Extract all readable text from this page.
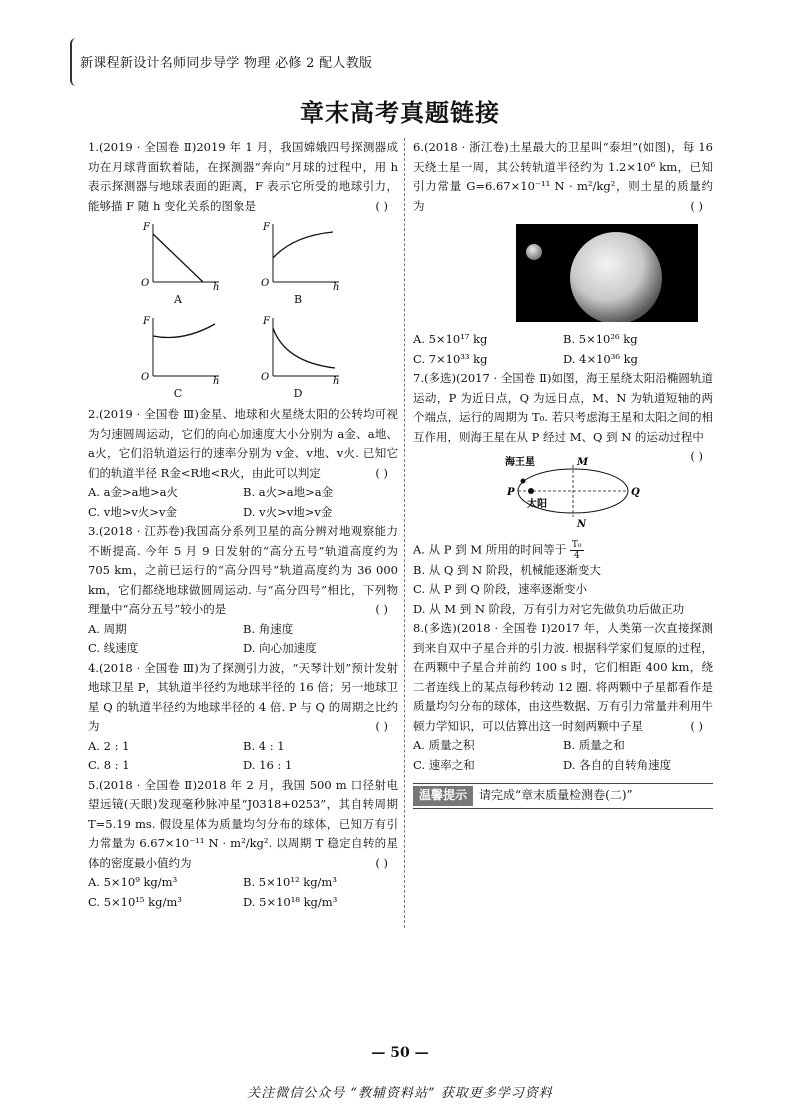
新课程新设计名师同步导学 物理 必修 2 配人教版
章末高考真题链接
1.(2019 · 全国卷 Ⅱ)2019 年 1 月，我国嫦娥四号探测器成功在月球背面软着陆，在探测器“奔向”月球的过程中，用 h 表示探测器与地球表面的距离，F 表示它所受的地球引力，能够描 F 随 h 变化关系的图象是	( )
F
O	h
A
F
O	h
B
F
O	h
C
F
O	h
D
2.(2019 · 全国卷 Ⅲ)金星、地球和火星绕太阳的公转均可视为匀速圆周运动，它们的向心加速度大小分别为 a金、a地、a火，它们沿轨道运行的速率分别为 v金、v地、v火. 已知它们的轨道半径 R金<R地<R火，由此可以判定	( )
A. a金>a地>a火	B. a火>a地>a金
C. v地>v火>v金	D. v火>v地>v金
3.(2018 · 江苏卷)我国高分系列卫星的高分辨对地观察能力不断提高. 今年 5 月 9 日发射的“高分五号”轨道高度约为 705 km，之前已运行的“高分四号”轨道高度约为 36 000 km，它们都绕地球做圆周运动. 与“高分四号”相比，下列物理量中“高分五号”较小的是	( )
A. 周期	B. 角速度
C. 线速度	D. 向心加速度
4.(2018 · 全国卷 Ⅲ)为了探测引力波，“天琴计划”预计发射地球卫星 P，其轨道半径约为地球半径的 16 倍；另一地球卫星 Q 的轨道半径约为地球半径的 4 倍. P 与 Q 的周期之比约为	( )
A. 2 : 1	B. 4 : 1
C. 8 : 1	D. 16 : 1
5.(2018 · 全国卷 Ⅱ)2018 年 2 月，我国 500 m 口径射电望远镜(天眼)发现毫秒脉冲星“J0318+0253”，其自转周期 T=5.19 ms. 假设星体为质量均匀分布的球体，已知万有引力常量为 6.67×10⁻¹¹ N · m²/kg². 以周期 T 稳定自转的星体的密度最小值约为	( )
A. 5×10⁹ kg/m³	B. 5×10¹² kg/m³
C. 5×10¹⁵ kg/m³	D. 5×10¹⁸ kg/m³
6.(2018 · 浙江卷)土星最大的卫星叫“泰坦”(如图)，每 16 天绕土星一周，其公转轨道半径约为 1.2×10⁶ km，已知引力常量 G=6.67×10⁻¹¹ N · m²/kg²，则土星的质量约为	( )
A. 5×10¹⁷ kg	B. 5×10²⁶ kg
C. 7×10³³ kg	D. 4×10³⁶ kg
7.(多选)(2017 · 全国卷 Ⅱ)如图，海王星绕太阳沿椭圆轨道运动，P 为近日点，Q 为远日点，M、N 为轨道短轴的两个端点，运行的周期为 T₀. 若只考虑海王星和太阳之间的相互作用，则海王星在从 P 经过 M、Q 到 N 的运动过程中
( )
海王星
太阳
P	Q
M
N
A. 从 P 到 M 所用的时间等于 $\frac{\text{T₀}}{4}$
B. 从 Q 到 N 阶段，机械能逐渐变大
C. 从 P 到 Q 阶段，速率逐渐变小
D. 从 M 到 N 阶段，万有引力对它先做负功后做正功
8.(多选)(2018 · 全国卷 Ⅰ)2017 年，人类第一次直接探测到来自双中子星合并的引力波. 根据科学家们复原的过程，在两颗中子星合并前约 100 s 时，它们相距 400 km，绕二者连线上的某点每秒转动 12 圈. 将两颗中子星都看作是质量均匀分布的球体，由这些数据、万有引力常量并利用牛顿力学知识，可以估算出这一时刻两颗中子星	( )
A. 质量之积	B. 质量之和
C. 速率之和	D. 各自的自转角速度
温馨提示	请完成“章末质量检测卷(二)”
— 50 —
关注微信公众号 “教辅资料站” 获取更多学习资料
